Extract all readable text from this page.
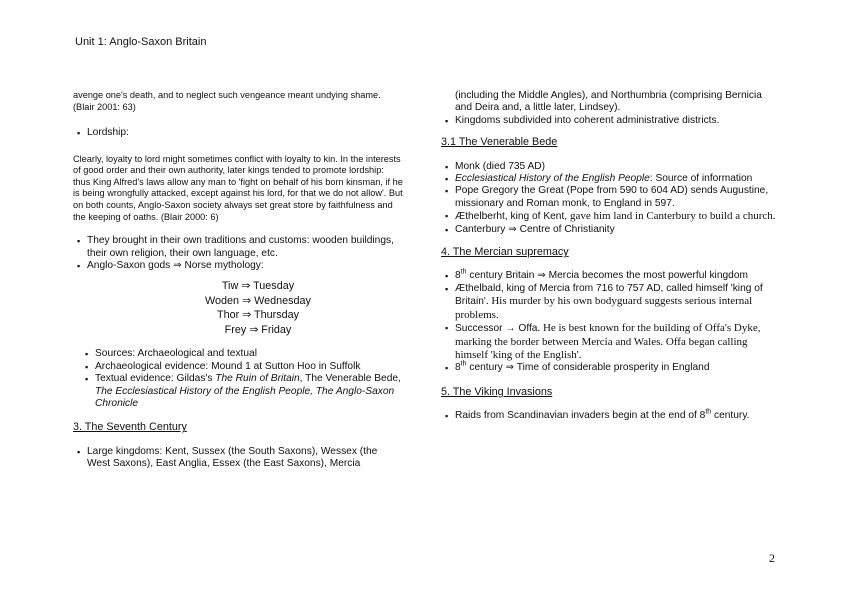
Unit 1: Anglo-Saxon Britain

avenge one's death, and to neglect such vengeance meant undying shame. (Blair 2001: 63)

▪ Lordship:

Clearly, loyalty to lord might sometimes conflict with loyalty to kin. In the interests of good order and their own authority, later kings tended to promote lordship: thus King Alfred's laws allow any man to 'fight on behalf of his born kinsman, if he is being wrongfully attacked, except against his lord, for that we do not allow'. But on both counts, Anglo-Saxon society always set great store by faithfulness and the keeping of oaths. (Blair 2000: 6)

▪ They brought in their own traditions and customs: wooden buildings, their own religion, their own language, etc.
▪ Anglo-Saxon gods ⇒ Norse mythology:
Tiw ⇒ Tuesday
Woden ⇒ Wednesday
Thor ⇒ Thursday
Frey ⇒ Friday
▪ Sources: Archaeological and textual
▪ Archaeological evidence: Mound 1 at Sutton Hoo in Suffolk
▪ Textual evidence: Gildas's The Ruin of Britain, The Venerable Bede, The Ecclesiastical History of the English People, The Anglo-Saxon Chronicle
3. The Seventh Century
▪ Large kingdoms: Kent, Sussex (the South Saxons), Wessex (the West Saxons), East Anglia, Essex (the East Saxons), Mercia

(including the Middle Angles), and Northumbria (comprising Bernicia and Deira and, a little later, Lindsey).

▪ Kingdoms subdivided into coherent administrative districts.
3.1 The Venerable Bede
▪ Monk (died 735 AD)
▪ Ecclesiastical History of the English People: Source of information
▪ Pope Gregory the Great (Pope from 590 to 604 AD) sends Augustine, missionary and Roman monk, to England in 597.
▪ Æthelberht, king of Kent, gave him land in Canterbury to build a church.
▪ Canterbury ⇒ Centre of Christianity
4. The Mercian supremacy
▪ 8th century Britain ⇒ Mercia becomes the most powerful kingdom
▪ Æthelbald, king of Mercia from 716 to 757 AD, called himself 'king of Britain'. His murder by his own bodyguard suggests serious internal problems.
▪ Successor → Offa. He is best known for the building of Offa's Dyke, marking the border between Mercia and Wales. Offa began calling himself 'king of the English'.
▪ 8th century ⇒ Time of considerable prosperity in England
5. The Viking Invasions
▪ Raids from Scandinavian invaders begin at the end of 8th century.
2
